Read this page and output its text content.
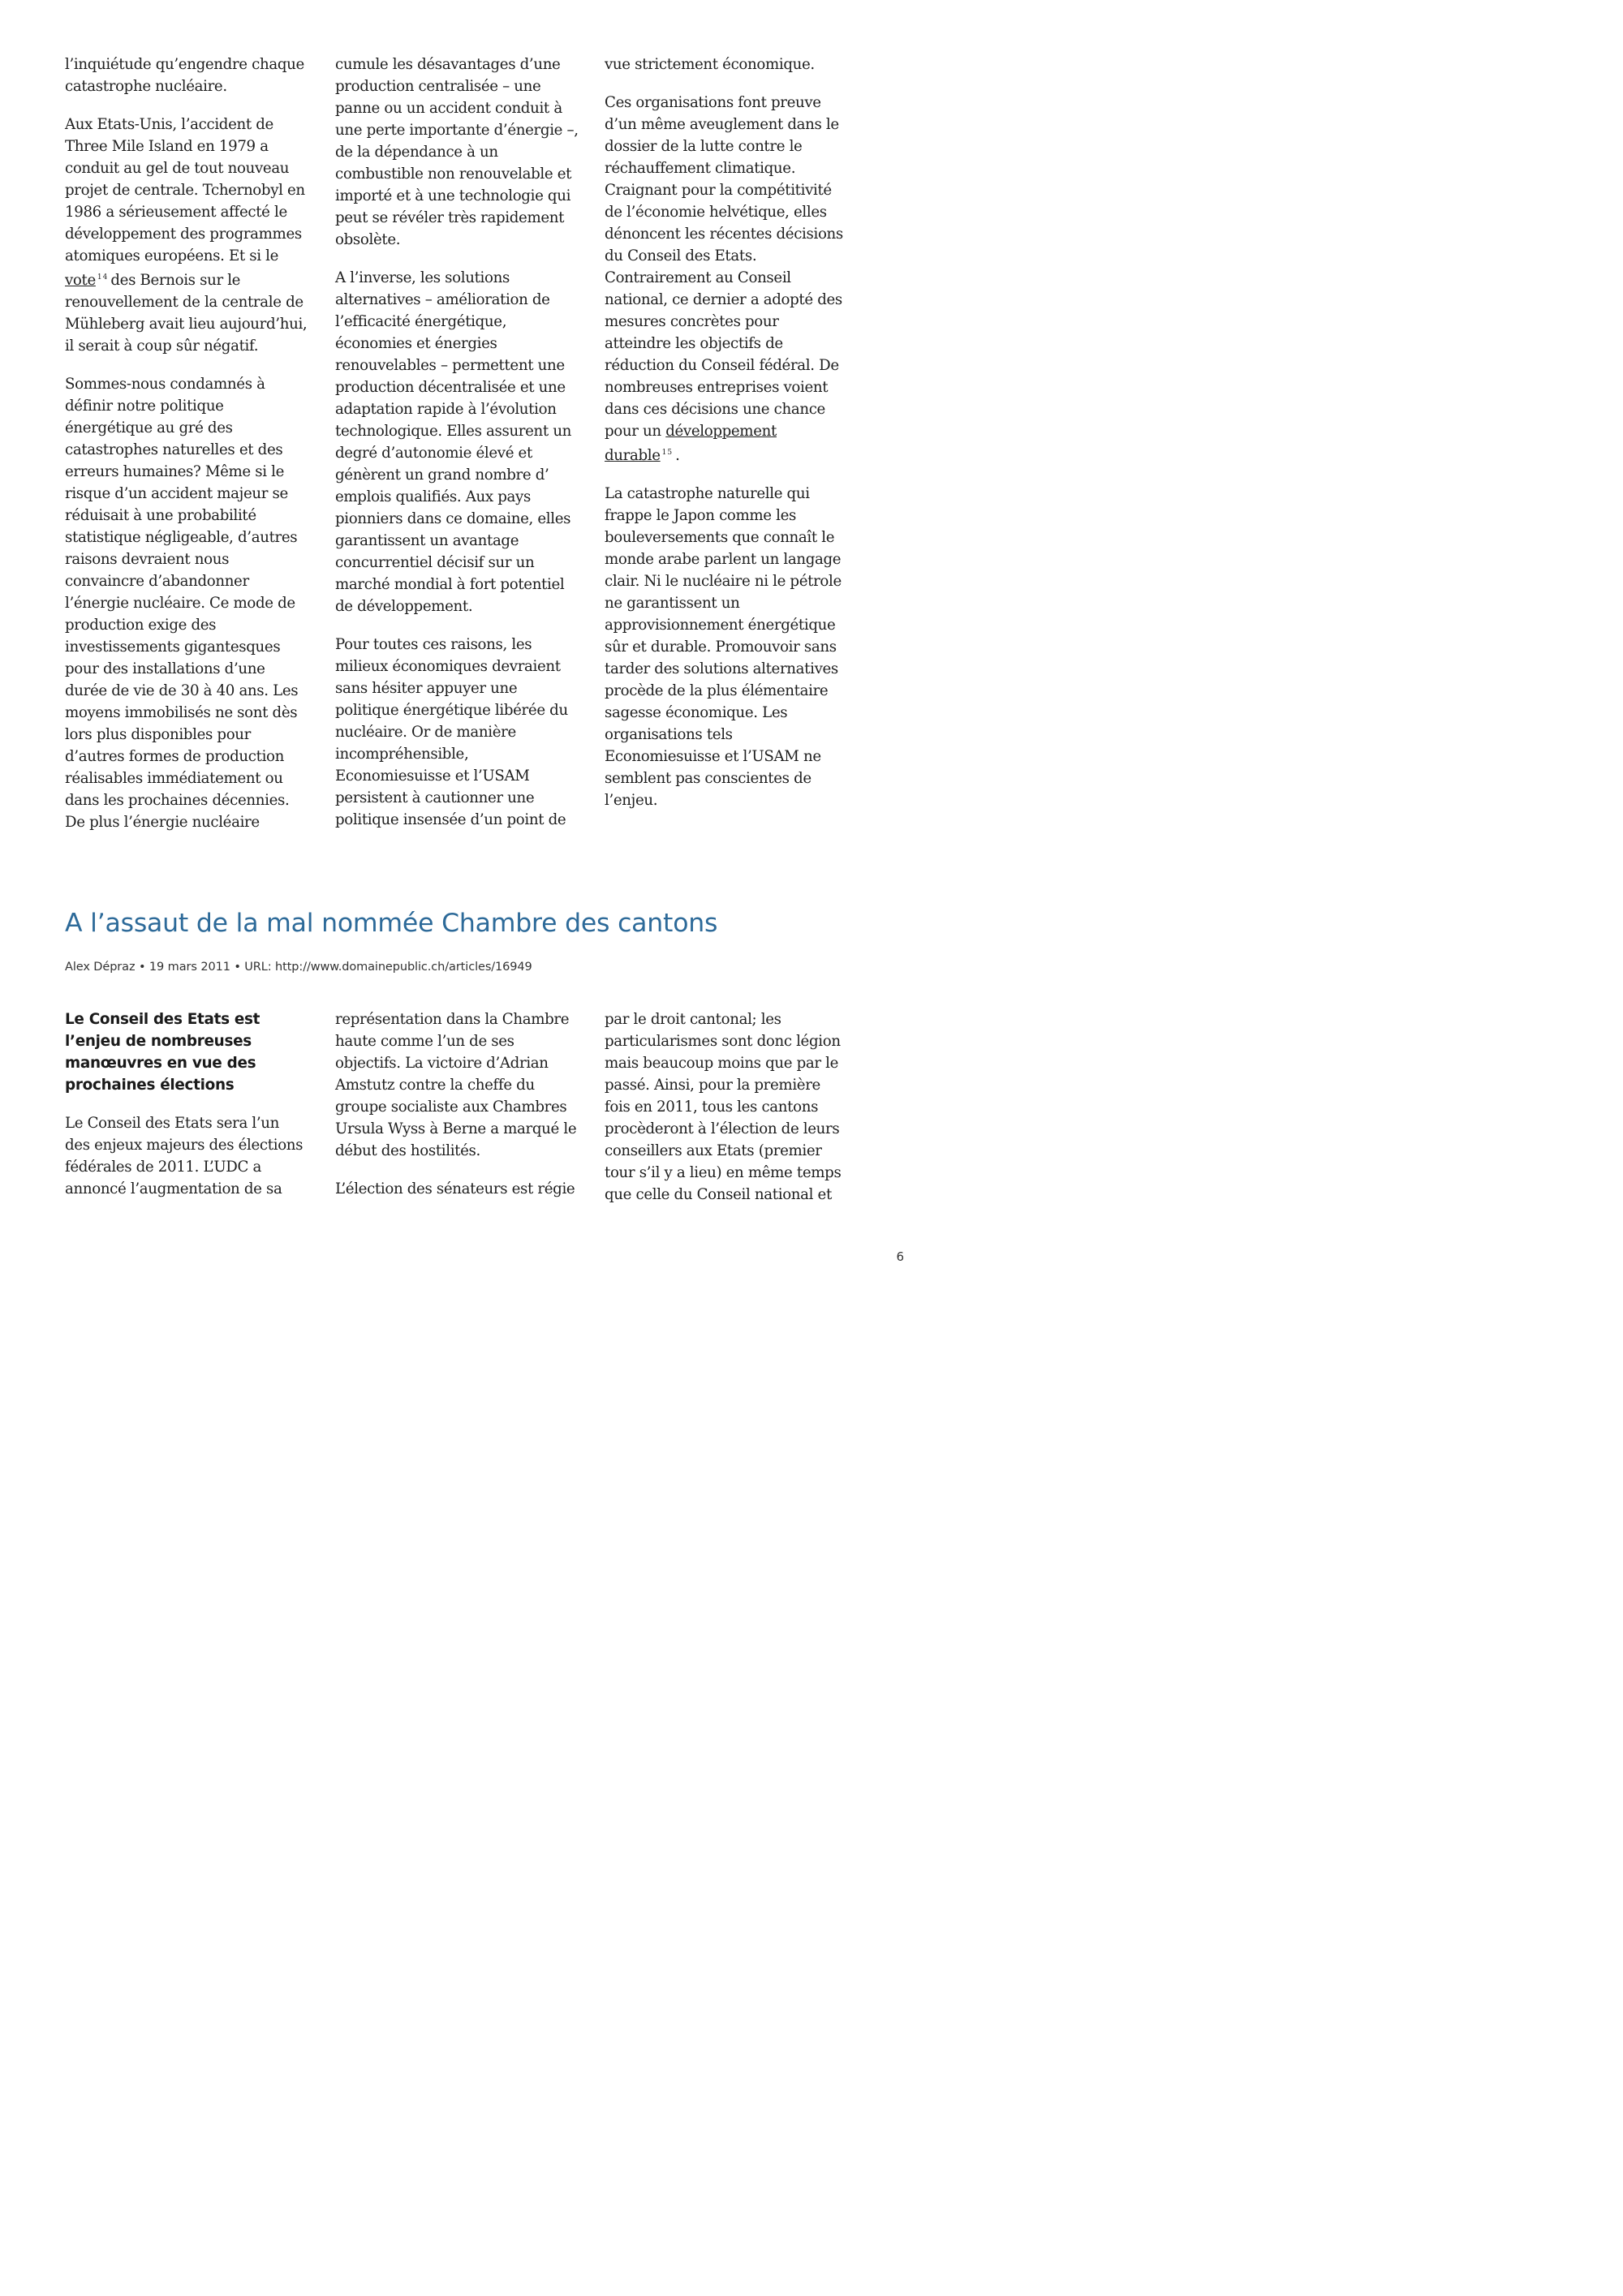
l’inquiétude qu’engendre chaque catastrophe nucléaire.

Aux Etats-Unis, l’accident de Three Mile Island en 1979 a conduit au gel de tout nouveau projet de centrale. Tchernobyl en 1986 a sérieusement affecté le développement des programmes atomiques européens. Et si le vote $^{14}$ des Bernois sur le renouvellement de la centrale de Mühleberg avait lieu aujourd’hui, il serait à coup sûr négatif.

Sommes-nous condamnés à définir notre politique énergétique au gré des catastrophes naturelles et des erreurs humaines? Même si le risque d’un accident majeur se réduisait à une probabilité statistique négligeable, d’autres raisons devraient nous convaincre d’abandonner l’énergie nucléaire. Ce mode de production exige des investissements gigantesques pour des installations d’une durée de vie de 30 à 40 ans. Les moyens immobilisés ne sont dès lors plus disponibles pour d’autres formes de production réalisables immédiatement ou dans les prochaines décennies. De plus l’énergie nucléaire

cumule les désavantages d’une production centralisée – une panne ou un accident conduit à une perte importante d’énergie –, de la dépendance à un combustible non renouvelable et importé et à une technologie qui peut se révéler très rapidement obsolète.

A l’inverse, les solutions alternatives – amélioration de l’efficacité énergétique, économies et énergies renouvelables – permettent une production décentralisée et une adaptation rapide à l’évolution technologique. Elles assurent un degré d’autonomie élevé et génèrent un grand nombre d’ emplois qualifiés. Aux pays pionniers dans ce domaine, elles garantissent un avantage concurrentiel décisif sur un marché mondial à fort potentiel de développement.

Pour toutes ces raisons, les milieux économiques devraient sans hésiter appuyer une politique énergétique libérée du nucléaire. Or de manière incompréhensible, Economiesuisse et l’USAM persistent à cautionner une politique insensée d’un point de

vue strictement économique.

Ces organisations font preuve d’un même aveuglement dans le dossier de la lutte contre le réchauffement climatique. Craignant pour la compétitivité de l’économie helvétique, elles dénoncent les récentes décisions du Conseil des Etats. Contrairement au Conseil national, ce dernier a adopté des mesures concrètes pour atteindre les objectifs de réduction du Conseil fédéral. De nombreuses entreprises voient dans ces décisions une chance pour un développement durable $^{15}$ .

La catastrophe naturelle qui frappe le Japon comme les bouleversements que connaît le monde arabe parlent un langage clair. Ni le nucléaire ni le pétrole ne garantissent un approvisionnement énergétique sûr et durable. Promouvoir sans tarder des solutions alternatives procède de la plus élémentaire sagesse économique. Les organisations tels Economiesuisse et l’USAM ne semblent pas conscientes de l’enjeu.

A l’assaut de la mal nommée Chambre des cantons
Alex Dépraz • 19 mars 2011 • URL: http://www.domainepublic.ch/articles/16949

Le Conseil des Etats est l’enjeu de nombreuses manœuvres en vue des prochaines élections

Le Conseil des Etats sera l’un des enjeux majeurs des élections fédérales de 2011. L’UDC a annoncé l’augmentation de sa

représentation dans la Chambre haute comme l’un de ses objectifs. La victoire d’Adrian Amstutz contre la cheffe du groupe socialiste aux Chambres Ursula Wyss à Berne a marqué le début des hostilités.

L’élection des sénateurs est régie

par le droit cantonal; les particularismes sont donc légion mais beaucoup moins que par le passé. Ainsi, pour la première fois en 2011, tous les cantons procèderont à l’élection de leurs conseillers aux Etats (premier tour s’il y a lieu) en même temps que celle du Conseil national et

6
